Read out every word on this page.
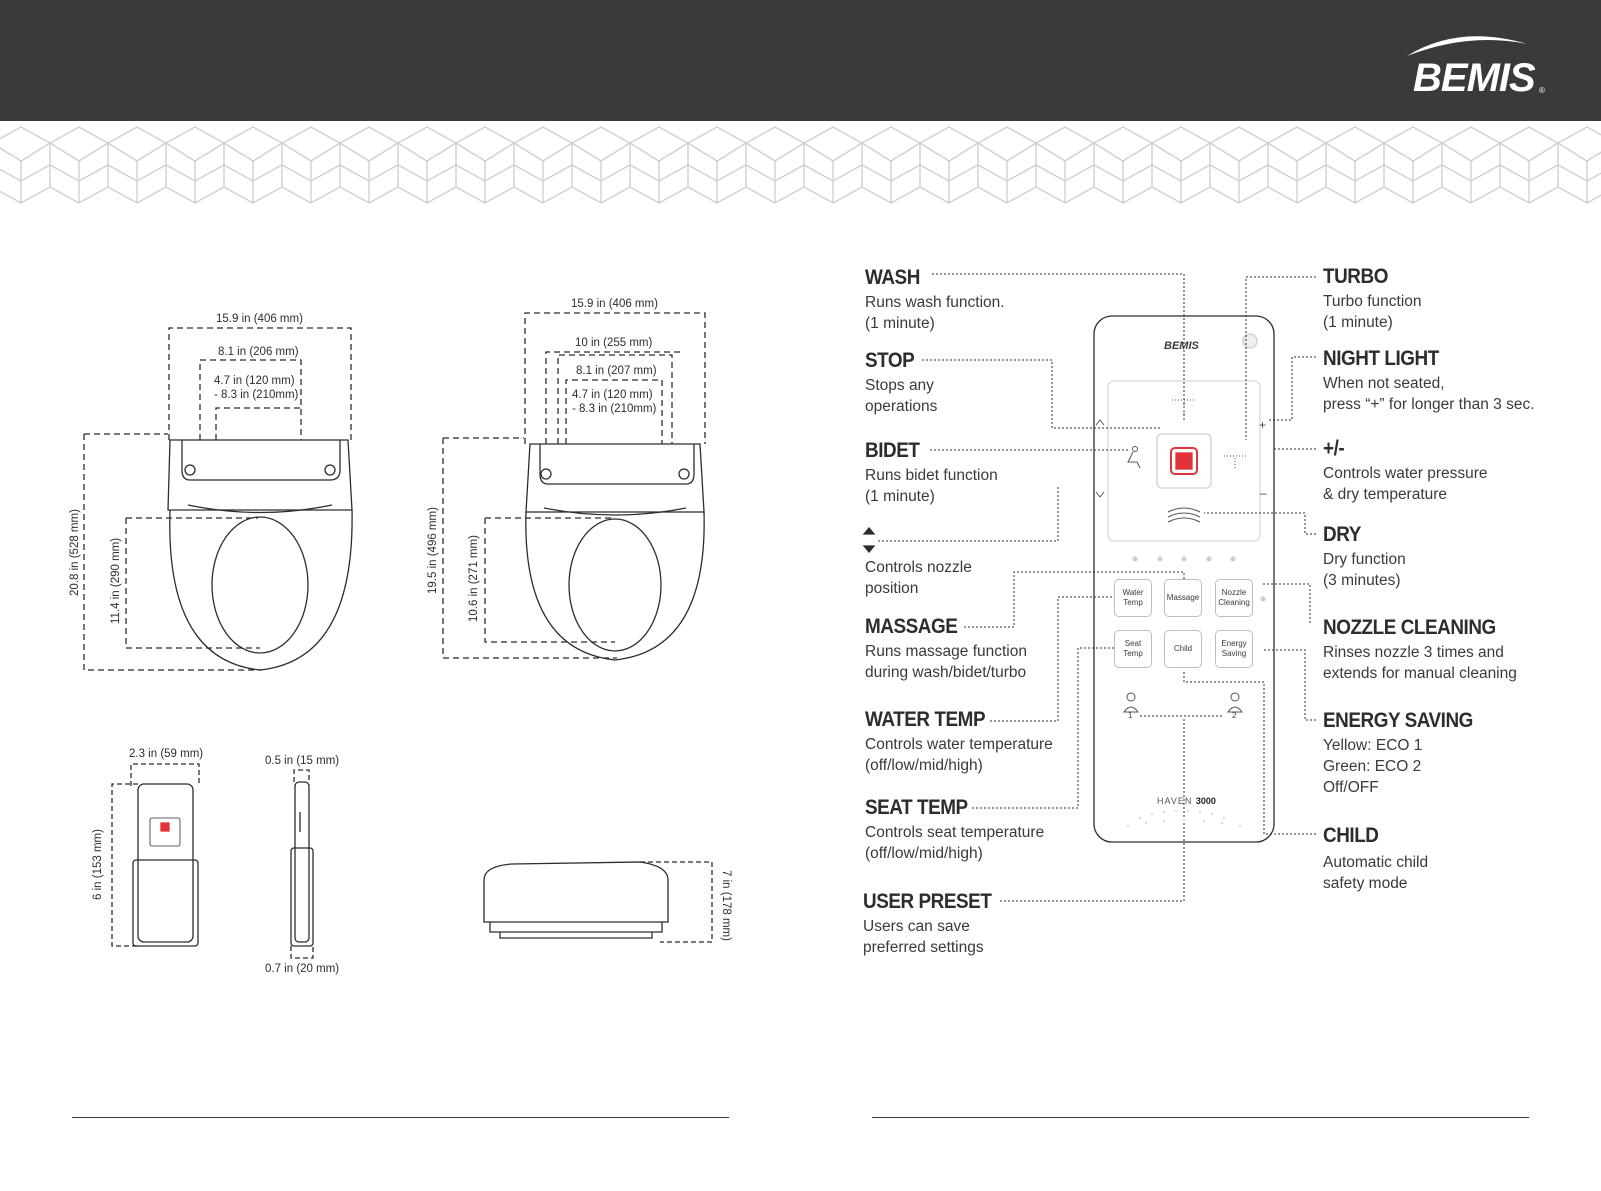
BEMIS ®
15.9 in (406 mm)
8.1 in (206 mm)
4.7 in (120 mm)
- 8.3 in (210mm)
20.8 in (528 mm)	11.4 in (290 mm)
15.9 in (406 mm)
10 in (255 mm)
8.1 in (207 mm)
4.7 in (120 mm)
- 8.3 in (210mm)
19.5 in (496 mm)	10.6 in (271 mm)
2.3 in (59 mm)
6 in (153 mm)
0.5 in (15 mm)
0.7 in (20 mm)
7 in (178 mm)
WASH
Runs wash function.
(1 minute)
STOP
Stops any
operations
BIDET
Runs bidet function
(1 minute)
Controls nozzle
position
MASSAGE
Runs massage function
during wash/bidet/turbo
WATER TEMP
Controls water temperature
(off/low/mid/high)
SEAT TEMP
Controls seat temperature
(off/low/mid/high)
USER PRESET
Users can save
preferred settings
TURBO
Turbo function
(1 minute)
NIGHT LIGHT
When not seated,
press “+” for longer than 3 sec.
+/-
Controls water pressure
& dry temperature
DRY
Dry function
(3 minutes)
NOZZLE CLEANING
Rinses nozzle 3 times and
extends for manual cleaning
ENERGY SAVING
Yellow: ECO 1
Green: ECO 2
Off/OFF
CHILD
Automatic child
safety mode
BEMIS
+
–
Water
Temp
Massage
Nozzle
Cleaning
Seat
Temp
Child
Energy
Saving
1	2
HAVEN 3000
